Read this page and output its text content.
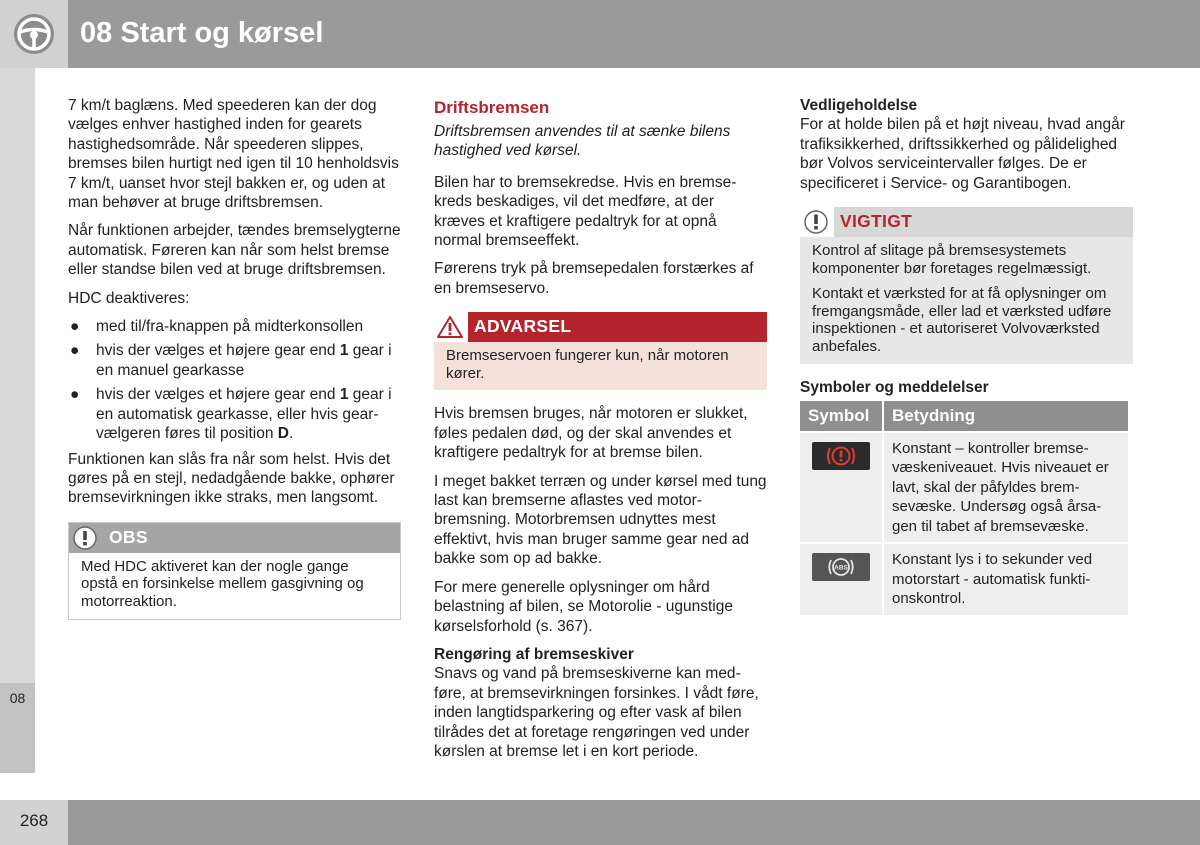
08 Start og kørsel
08
268

7 km/t baglæns. Med speederen kan der dog vælges enhver hastighed inden for gearets hastighedsområde. Når speederen slippes, bremses bilen hurtigt ned igen til 10 henholdsvis 7 km/t, uanset hvor stejl bakken er, og uden at man behøver at bruge driftsbremsen.

Når funktionen arbejder, tændes bremselygterne automatisk. Føreren kan når som helst bremse eller standse bilen ved at bruge driftsbremsen.

HDC deaktiveres:

● med til/fra-knappen på midterkonsollen
● hvis der vælges et højere gear end 1 gear i en manuel gearkasse
● hvis der vælges et højere gear end 1 gear i en automatisk gearkasse, eller hvis gearvælgeren føres til position D.

Funktionen kan slås fra når som helst. Hvis det gøres på en stejl, nedadgående bakke, ophører bremsevirkningen ikke straks, men langsomt.

OBS

Med HDC aktiveret kan der nogle gange opstå en forsinkelse mellem gasgivning og motorreaktion.

Driftsbremsen

Driftsbremsen anvendes til at sænke bilens hastighed ved kørsel.

Bilen har to bremsekredse. Hvis en bremsekreds beskadiges, vil det medføre, at der kræves et kraftigere pedaltryk for at opnå normal bremseeffekt.

Førerens tryk på bremsepedalen forstærkes af en bremseservo.

ADVARSEL

Bremseservoen fungerer kun, når motoren kører.

Hvis bremsen bruges, når motoren er slukket, føles pedalen død, og der skal anvendes et kraftigere pedaltryk for at bremse bilen.

I meget bakket terræn og under kørsel med tung last kan bremserne aflastes ved motorbremsning. Motorbremsen udnyttes mest effektivt, hvis man bruger samme gear ned ad bakke som op ad bakke.

For mere generelle oplysninger om hård belastning af bilen, se Motorolie - ugunstige kørselsforhold (s. 367).

Rengøring af bremseskiver

Snavs og vand på bremseskiverne kan medføre, at bremsevirkningen forsinkes. I vådt føre, inden langtidsparkering og efter vask af bilen tilrådes det at foretage rengøringen ved under kørslen at bremse let i en kort periode.

Vedligeholdelse

For at holde bilen på et højt niveau, hvad angår trafiksikkerhed, driftssikkerhed og pålidelighed bør Volvos serviceintervaller følges. De er specificeret i Service- og Garantibogen.

VIGTIGT

Kontrol af slitage på bremsesystemets komponenter bør foretages regelmæssigt.

Kontakt et værksted for at få oplysninger om fremgangsmåde, eller lad et værksted udføre inspektionen - et autoriseret Volvoværksted anbefales.

Symboler og meddelelser
Symbol	Betydning
	Konstant – kontroller bremsevæskeniveauet. Hvis niveauet er lavt, skal der påfyldes bremsevæske. Undersøg også årsagen til tabet af bremsevæske.

ABS	Konstant lys i to sekunder ved motorstart - automatisk funktionskontrol.
